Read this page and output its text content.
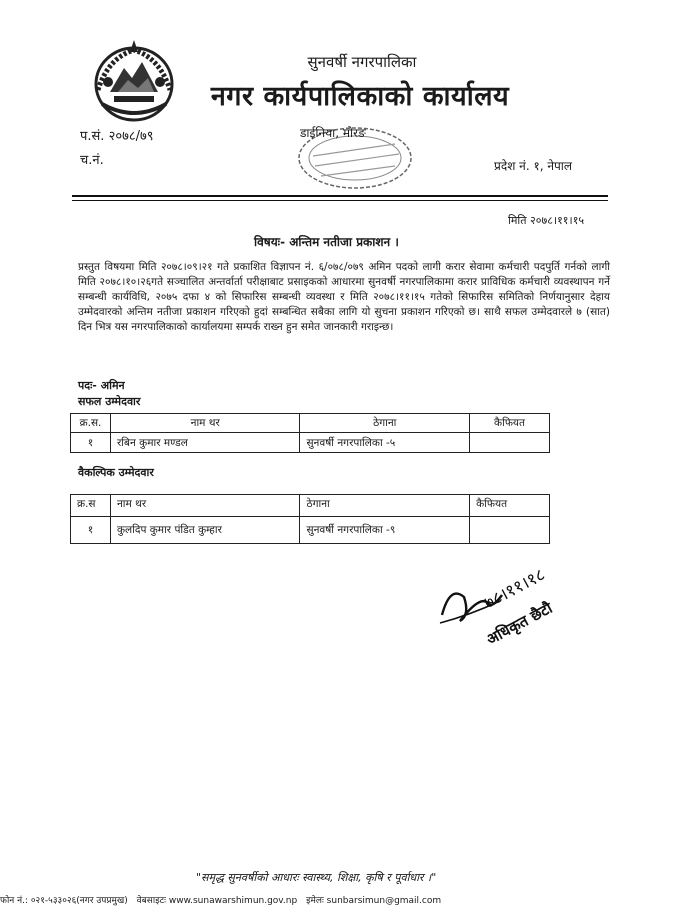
सुनवर्षी नगरपालिका
नगर कार्यपालिकाको कार्यालय
प.सं. २०७८/७९
च.नं.
डाईनिया, मोरङ
प्रदेश नं. १, नेपाल
मिति २०७८।११।१५
विषयः- अन्तिम नतीजा प्रकाशन ।
प्रस्तुत विषयमा मिति २०७८।०९।२१ गते प्रकाशित विज्ञापन नं. ६/०७८/०७९ अमिन पदको लागी करार सेवामा कर्मचारी पदपुर्ति गर्नको लागी मिति २०७८।१०।२६गते सञ्चालित अन्तर्वार्ता परीक्षाबाट प्रसाइकको आधारमा सुनवर्षी नगरपालिकामा करार प्राविधिक कर्मचारी व्यवस्थापन गर्ने सम्बन्धी कार्यविधि, २०७५ दफा ४ को सिफारिस सम्बन्धी व्यवस्था र मिति २०७८।११।१५ गतेको सिफारिस समितिको निर्णयानुसार देहाय उम्मेदवारको अन्तिम नतीजा प्रकाशन गरिएको हुदां सम्बन्धित सबैका लागि यो सुचना प्रकाशन गरिएको छ। साथै सफल उम्मेदवारले ७ (सात) दिन भित्र यस नगरपालिकाको कार्यालयमा सम्पर्क राख्न हुन समेत जानकारी गराइन्छ।
पदः- अमिन
सफल उम्मेदवार
क्र.स.	नाम थर	ठेगाना	कैफियत
१	रबिन कुमार मण्डल	सुनवर्षी नगरपालिका -५	
वैकल्पिक उम्मेदवार
क्र.स	नाम थर	ठेगाना	कैफियत
१	कुलदिप कुमार पंडित कुम्हार	सुनवर्षी नगरपालिका -९	
७८।११।१८
अधिकृत छैटौ
"समृद्ध सुनवर्षीको आधारः स्वास्थ्य, शिक्षा, कृषि र पूर्वाधार ।"
फोन नं.: ०२१-५३३०२६(नगर उपप्रमुख) वेबसाइटः www.sunawarshimun.gov.np इमेलः sunbarsimun@gmail.com
